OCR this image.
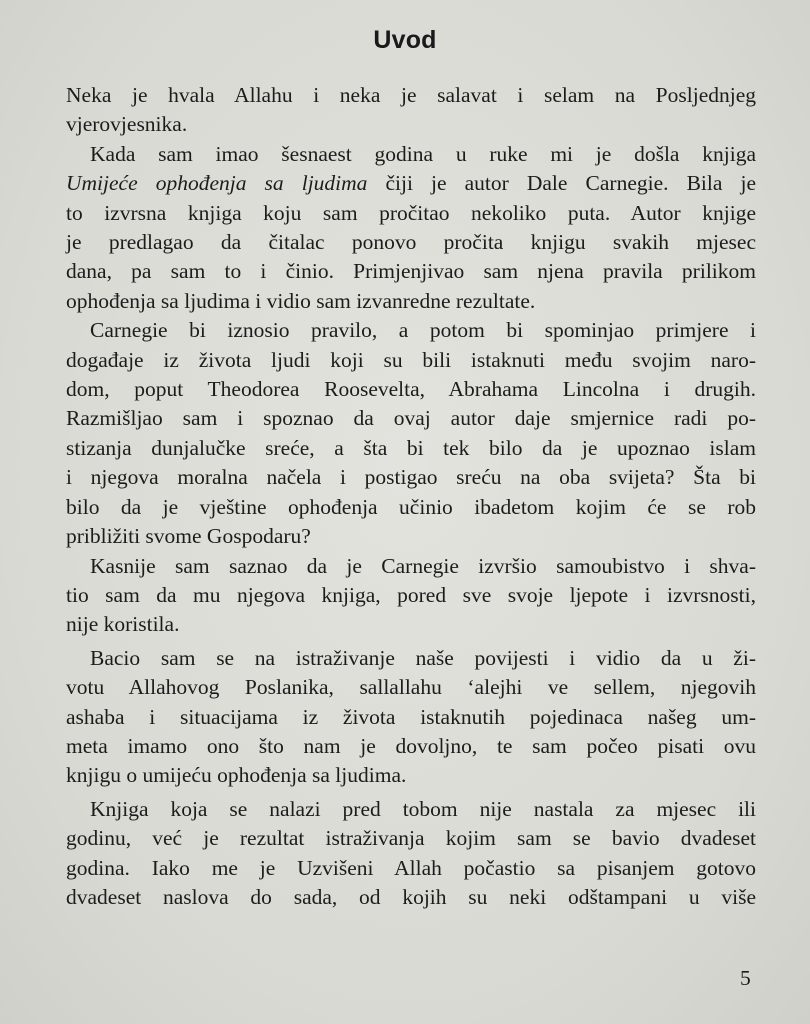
Uvod

Neka je hvala Allahu i neka je salavat i selam na Posljednjeg
vjerovjesnika.

Kada sam imao šesnaest godina u ruke mi je došla knjiga
Umijeće ophođenja sa ljudima čiji je autor Dale Carnegie. Bila je
to izvrsna knjiga koju sam pročitao nekoliko puta. Autor knjige
je predlagao da čitalac ponovo pročita knjigu svakih mjesec
dana, pa sam to i činio. Primjenjivao sam njena pravila prilikom
ophođenja sa ljudima i vidio sam izvanredne rezultate.

Carnegie bi iznosio pravilo, a potom bi spominjao primjere i
događaje iz života ljudi koji su bili istaknuti među svojim naro-
dom, poput Theodorea Roosevelta, Abrahama Lincolna i drugih.
Razmišljao sam i spoznao da ovaj autor daje smjernice radi po-
stizanja dunjalučke sreće, a šta bi tek bilo da je upoznao islam
i njegova moralna načela i postigao sreću na oba svijeta? Šta bi
bilo da je vještine ophođenja učinio ibadetom kojim će se rob
približiti svome Gospodaru?

Kasnije sam saznao da je Carnegie izvršio samoubistvo i shva-
tio sam da mu njegova knjiga, pored sve svoje ljepote i izvrsnosti,
nije koristila.

Bacio sam se na istraživanje naše povijesti i vidio da u ži-
votu Allahovog Poslanika, sallallahu ‘alejhi ve sellem, njegovih
ashaba i situacijama iz života istaknutih pojedinaca našeg um-
meta imamo ono što nam je dovoljno, te sam počeo pisati ovu
knjigu o umijeću ophođenja sa ljudima.

Knjiga koja se nalazi pred tobom nije nastala za mjesec ili
godinu, već je rezultat istraživanja kojim sam se bavio dvadeset
godina. Iako me je Uzvišeni Allah počastio sa pisanjem gotovo
dvadeset naslova do sada, od kojih su neki odštampani u više

5
